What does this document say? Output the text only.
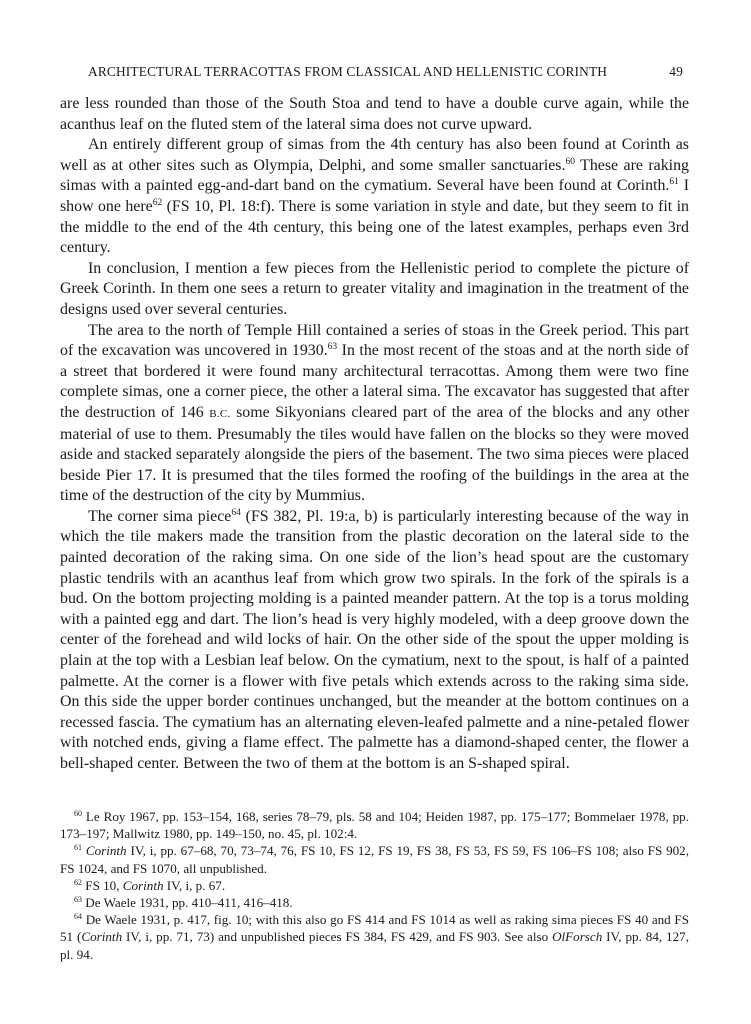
ARCHITECTURAL TERRACOTTAS FROM CLASSICAL AND HELLENISTIC CORINTH	49

are less rounded than those of the South Stoa and tend to have a double curve again, while the acanthus leaf on the fluted stem of the lateral sima does not curve upward.

An entirely different group of simas from the 4th century has also been found at Corinth as well as at other sites such as Olympia, Delphi, and some smaller sanctuaries.$^{60}$ These are raking simas with a painted egg-and-dart band on the cymatium. Several have been found at Corinth.$^{61}$ I show one here$^{62}$ (FS 10, Pl. 18:f). There is some variation in style and date, but they seem to fit in the middle to the end of the 4th century, this being one of the latest examples, perhaps even 3rd century.

In conclusion, I mention a few pieces from the Hellenistic period to complete the picture of Greek Corinth. In them one sees a return to greater vitality and imagination in the treatment of the designs used over several centuries.

The area to the north of Temple Hill contained a series of stoas in the Greek period. This part of the excavation was uncovered in 1930.63 In the most recent of the stoas and at the north side of a street that bordered it were found many architectural terracottas. Among them were two fine complete simas, one a corner piece, the other a lateral sima. The excavator has suggested that after the destruction of 146 B.C. some Sikyonians cleared part of the area of the blocks and any other material of use to them. Presumably the tiles would have fallen on the blocks so they were moved aside and stacked separately alongside the piers of the basement. The two sima pieces were placed beside Pier 17. It is presumed that the tiles formed the roofing of the buildings in the area at the time of the destruction of the city by Mummius.

The corner sima piece$^{64}$ (FS 382, Pl. 19:a, b) is particularly interesting because of the way in which the tile makers made the transition from the plastic decoration on the lateral side to the painted decoration of the raking sima. On one side of the lion’s head spout are the customary plastic tendrils with an acanthus leaf from which grow two spirals. In the fork of the spirals is a bud. On the bottom projecting molding is a painted meander pattern. At the top is a torus molding with a painted egg and dart. The lion’s head is very highly modeled, with a deep groove down the center of the forehead and wild locks of hair. On the other side of the spout the upper molding is plain at the top with a Lesbian leaf below. On the cymatium, next to the spout, is half of a painted palmette. At the corner is a flower with five petals which extends across to the raking sima side. On this side the upper border continues unchanged, but the meander at the bottom continues on a recessed fascia. The cymatium has an alternating eleven-leafed palmette and a nine-petaled flower with notched ends, giving a flame effect. The palmette has a diamond-shaped center, the flower a bell-shaped center. Between the two of them at the bottom is an S-shaped spiral.

$^{60}$ Le Roy 1967, pp. 153–154, 168, series 78–79, pls. 58 and 104; Heiden 1987, pp. 175–177; Bommelaer 1978, pp. 173–197; Mallwitz 1980, pp. 149–150, no. 45, pl. 102:4.

$^{61}$ Corinth IV, i, pp. 67–68, 70, 73–74, 76, FS 10, FS 12, FS 19, FS 38, FS 53, FS 59, FS 106–FS 108; also FS 902, FS 1024, and FS 1070, all unpublished.

$^{62}$ FS 10, Corinth IV, i, p. 67.

$^{63}$ De Waele 1931, pp. 410–411, 416–418.

$^{64}$ De Waele 1931, p. 417, fig. 10; with this also go FS 414 and FS 1014 as well as raking sima pieces FS 40 and FS 51 (Corinth IV, i, pp. 71, 73) and unpublished pieces FS 384, FS 429, and FS 903. See also OlForsch IV, pp. 84, 127, pl. 94.
